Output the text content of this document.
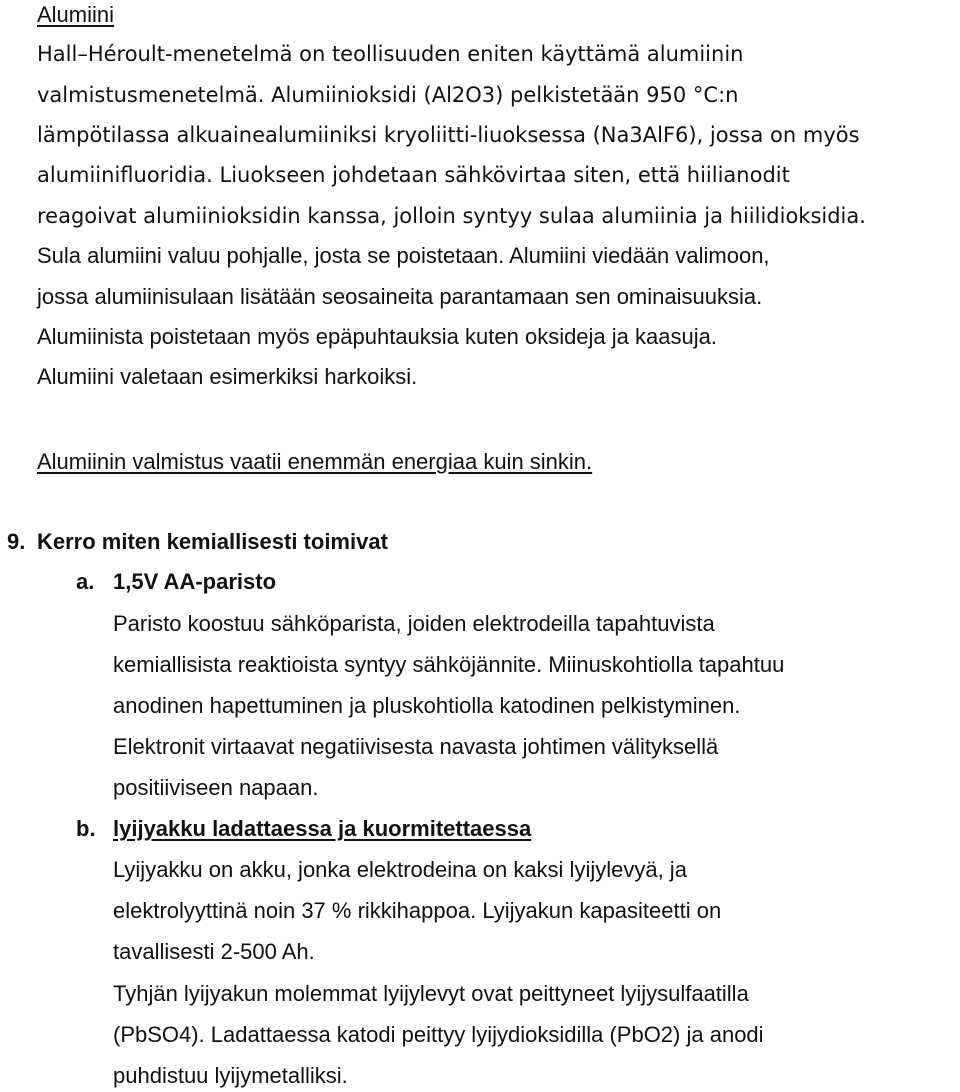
Alumiini
Hall–Héroult-menetelmä on teollisuuden eniten käyttämä alumiinin
valmistusmenetelmä. Alumiinioksidi (Al2O3) pelkistetään 950 °C:n
lämpötilassa alkuainealumiiniksi kryoliitti-liuoksessa (Na3AlF6), jossa on myös
alumiinifluoridia. Liuokseen johdetaan sähkövirtaa siten, että hiilianodit
reagoivat alumiinioksidin kanssa, jolloin syntyy sulaa alumiinia ja hiilidioksidia.
Sula alumiini valuu pohjalle, josta se poistetaan. Alumiini viedään valimoon,
jossa alumiinisulaan lisätään seosaineita parantamaan sen ominaisuuksia.
Alumiinista poistetaan myös epäpuhtauksia kuten oksideja ja kaasuja.
Alumiini valetaan esimerkiksi harkoiksi.
Alumiinin valmistus vaatii enemmän energiaa kuin sinkin.
9. Kerro miten kemiallisesti toimivat
a. 1,5V AA-paristo
Paristo koostuu sähköparista, joiden elektrodeilla tapahtuvista
kemiallisista reaktioista syntyy sähköjännite. Miinuskohtiolla tapahtuu
anodinen hapettuminen ja pluskohtiolla katodinen pelkistyminen.
Elektronit virtaavat negatiivisesta navasta johtimen välityksellä
positiiviseen napaan.
b. lyijyakku ladattaessa ja kuormitettaessa
Lyijyakku on akku, jonka elektrodeina on kaksi lyijylevyä, ja
elektrolyyttinä noin 37 % rikkihappoa. Lyijyakun kapasiteetti on
tavallisesti 2-500 Ah.
Tyhjän lyijyakun molemmat lyijylevyt ovat peittyneet lyijysulfaatilla
(PbSO4). Ladattaessa katodi peittyy lyijydioksidilla (PbO2) ja anodi
puhdistuu lyijymetalliksi.
